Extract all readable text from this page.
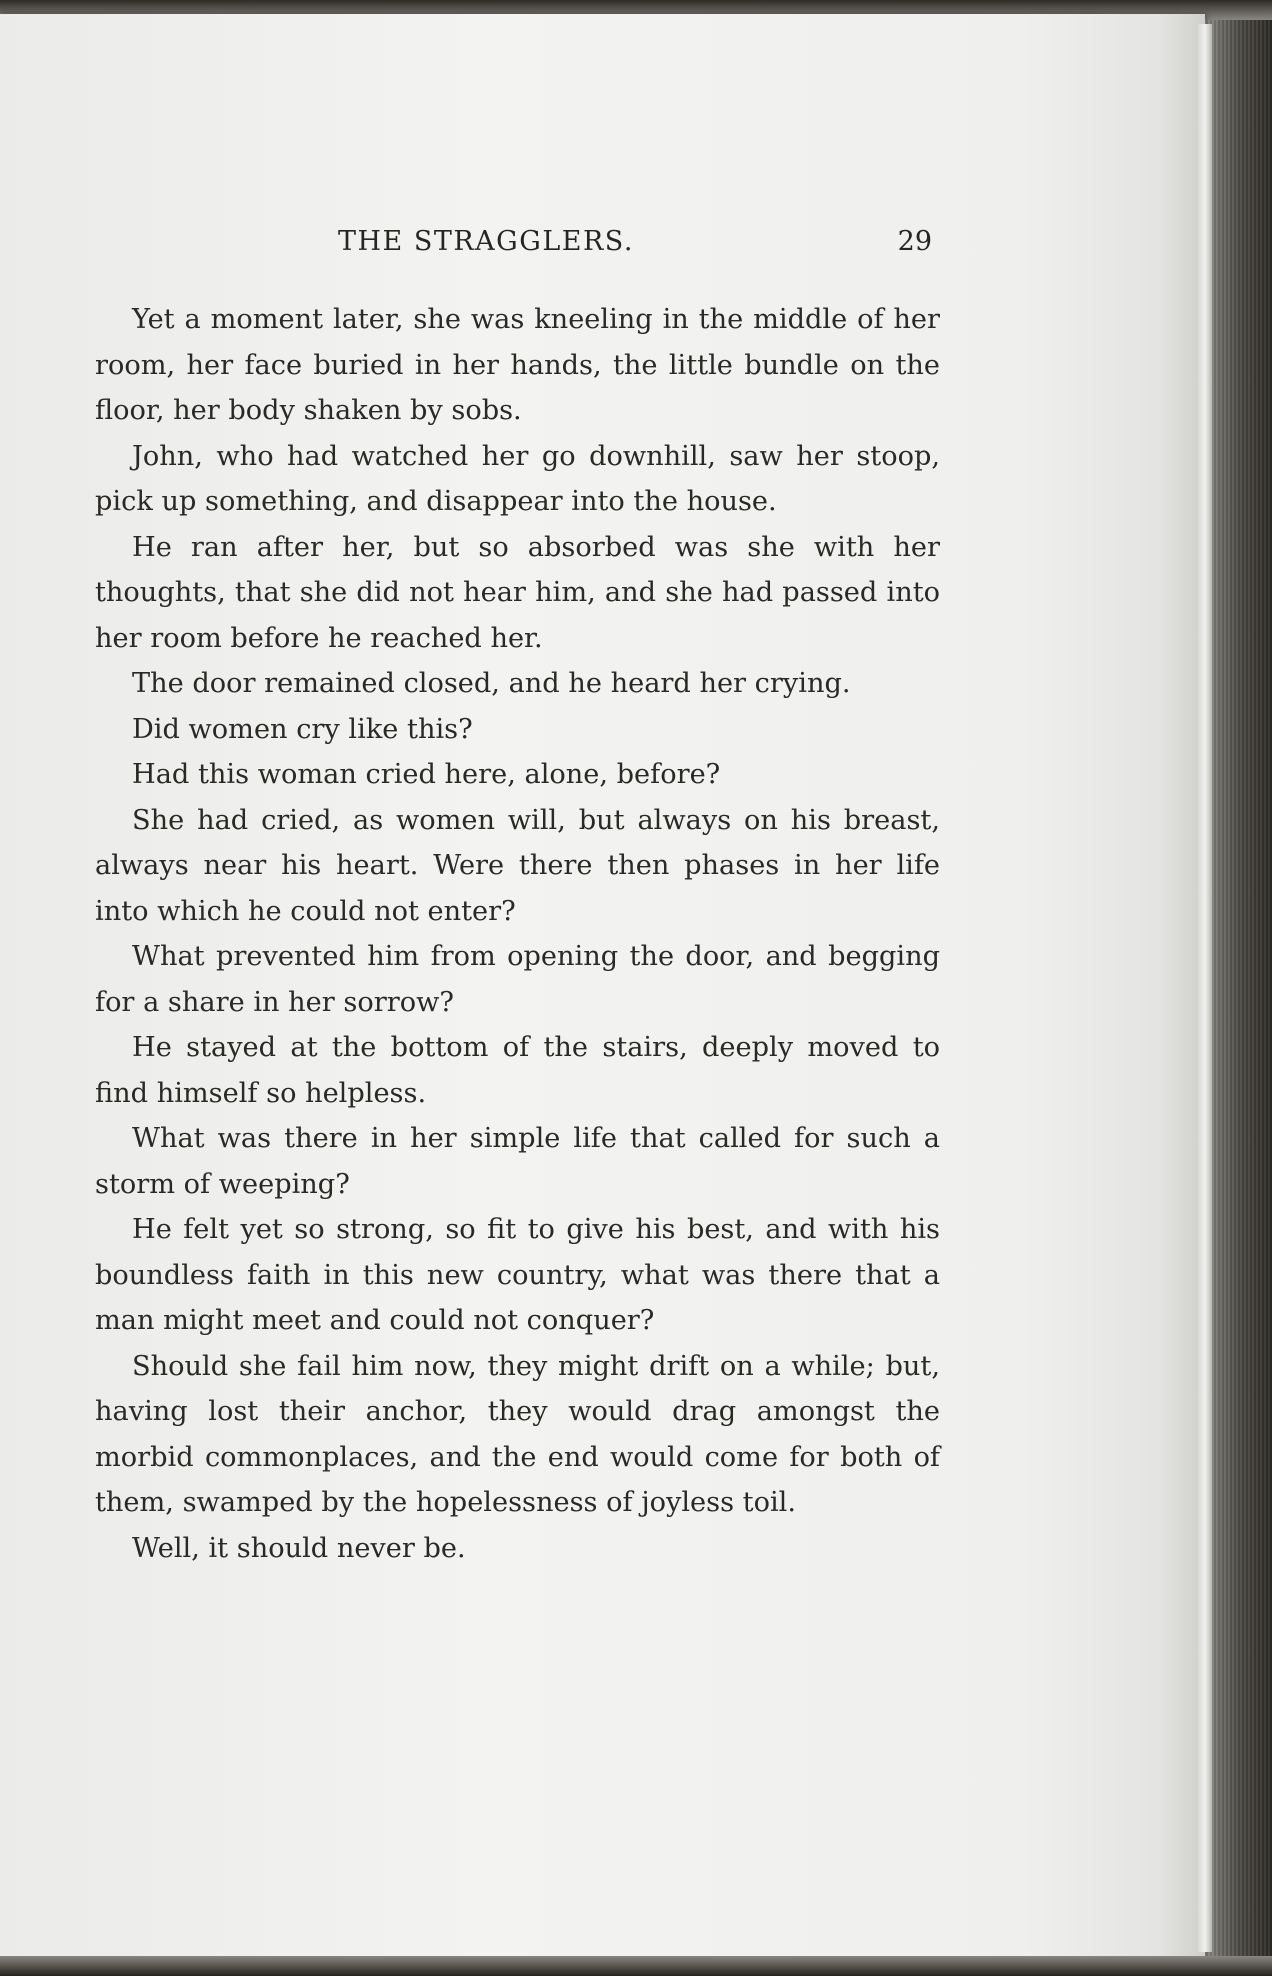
THE STRAGGLERS.	29

Yet a moment later, she was kneeling in the middle of her room, her face buried in her hands, the little bundle on the floor, her body shaken by sobs.

John, who had watched her go downhill, saw her stoop, pick up something, and disappear into the house.

He ran after her, but so absorbed was she with her thoughts, that she did not hear him, and she had passed into her room before he reached her.

The door remained closed, and he heard her crying.

Did women cry like this?

Had this woman cried here, alone, before?

She had cried, as women will, but always on his breast, always near his heart. Were there then phases in her life into which he could not enter?

What prevented him from opening the door, and begging for a share in her sorrow?

He stayed at the bottom of the stairs, deeply moved to find himself so helpless.

What was there in her simple life that called for such a storm of weeping?

He felt yet so strong, so fit to give his best, and with his boundless faith in this new country, what was there that a man might meet and could not conquer?

Should she fail him now, they might drift on a while; but, having lost their anchor, they would drag amongst the morbid commonplaces, and the end would come for both of them, swamped by the hopelessness of joyless toil.

Well, it should never be.
